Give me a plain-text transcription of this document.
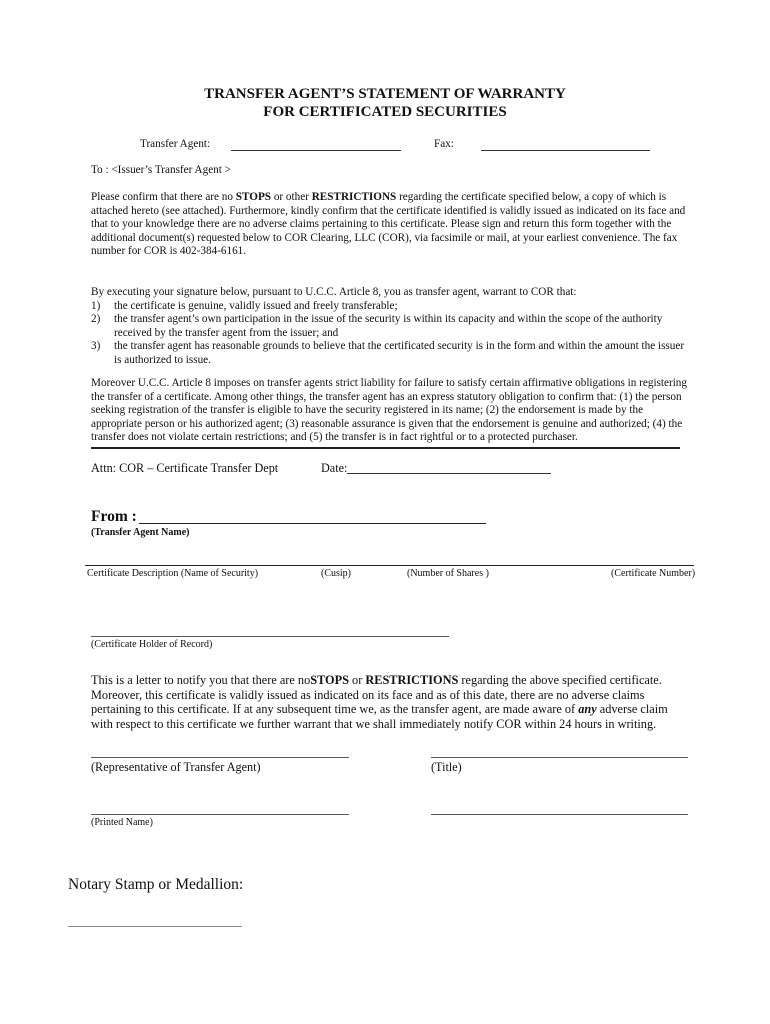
TRANSFER AGENT’S STATEMENT OF WARRANTY
FOR CERTIFICATED SECURITIES
Transfer Agent:	Fax:
To : <Issuer’s Transfer Agent >

Please confirm that there are no STOPS or other RESTRICTIONS regarding the certificate specified below, a copy of which is attached hereto (see attached). Furthermore, kindly confirm that the certificate identified is validly issued as indicated on its face and that to your knowledge there are no adverse claims pertaining to this certificate. Please sign and return this form together with the additional document(s) requested below to COR Clearing, LLC (COR), via facsimile or mail, at your earliest convenience. The fax number for COR is 402-384-6161.

By executing your signature below, pursuant to U.C.C. Article 8, you as transfer agent, warrant to COR that:

1) the certificate is genuine, validly issued and freely transferable;
2) the transfer agent’s own participation in the issue of the security is within its capacity and within the scope of the authority received by the transfer agent from the issuer; and
3) the transfer agent has reasonable grounds to believe that the certificated security is in the form and within the amount the issuer is authorized to issue.
Moreover U.C.C. Article 8 imposes on transfer agents strict liability for failure to satisfy certain affirmative obligations in registering the transfer of a certificate. Among other things, the transfer agent has an express statutory obligation to confirm that: (1) the person seeking registration of the transfer is eligible to have the security registered in its name; (2) the endorsement is made by the appropriate person or his authorized agent; (3) reasonable assurance is given that the endorsement is genuine and authorized; (4) the transfer does not violate certain restrictions; and (5) the transfer is in fact rightful or to a protected purchaser.
Attn: COR – Certificate Transfer Dept	Date:
From :
(Transfer Agent Name)
Certificate Description (Name of Security)	(Cusip)	(Number of Shares )	(Certificate Number)
(Certificate Holder of Record)

This is a letter to notify you that there are noSTOPS or RESTRICTIONS regarding the above specified certificate. Moreover, this certificate is validly issued as indicated on its face and as of this date, there are no adverse claims pertaining to this certificate. If at any subsequent time we, as the transfer agent, are made aware of any adverse claim with respect to this certificate we further warrant that we shall immediately notify COR within 24 hours in writing.

(Representative of Transfer Agent)	(Title)
(Printed Name)
Notary Stamp or Medallion:
